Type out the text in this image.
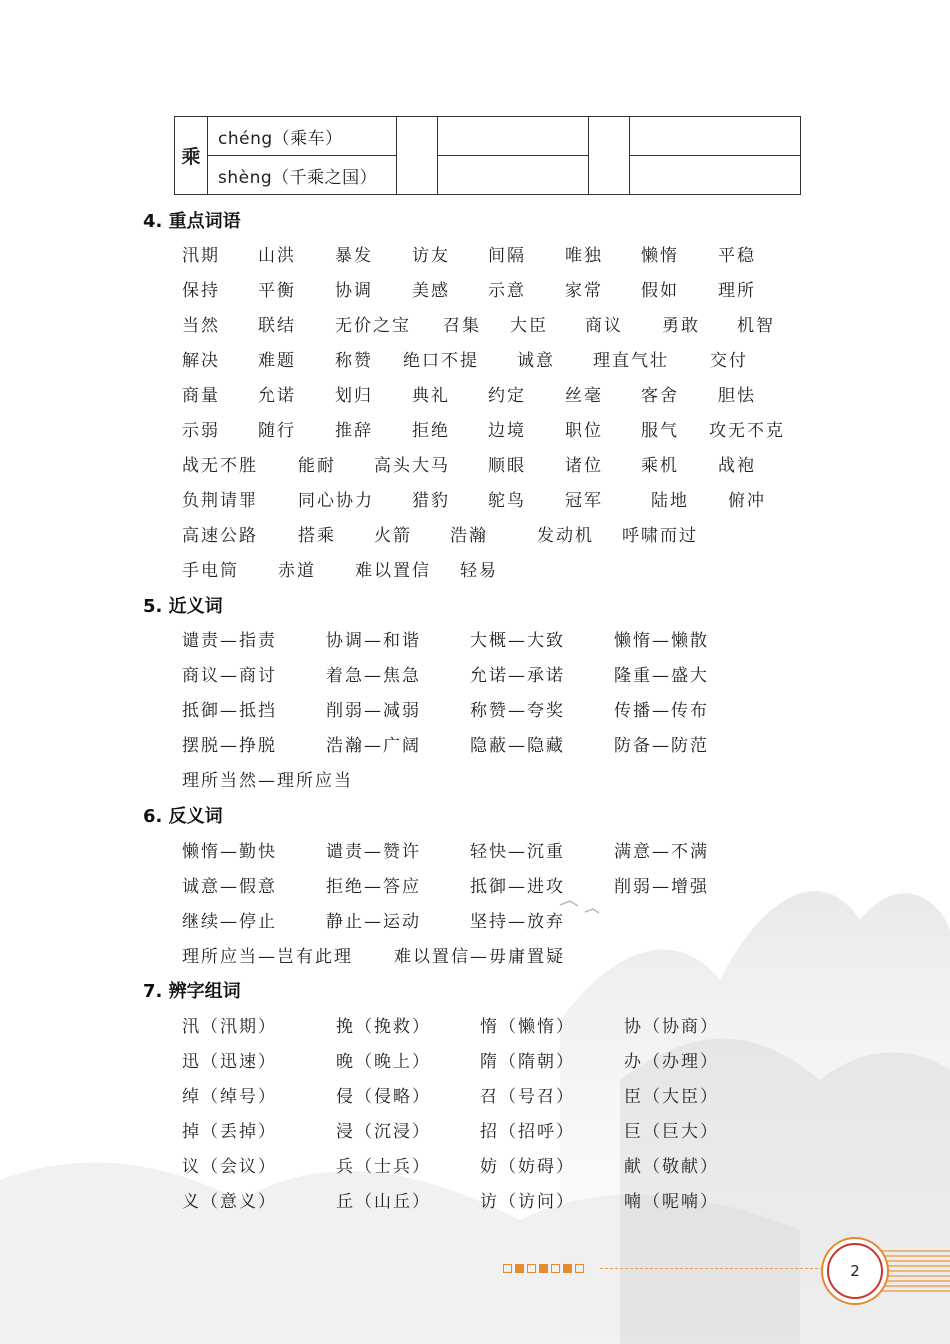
乘	chéng（乘车）				
	shèng（千乘之国）				
4. 重点词语
汛期 山洪 暴发 访友 间隔 唯独 懒惰 平稳
保持 平衡 协调 美感 示意 家常 假如 理所
当然 联结 无价之宝 召集 大臣 商议 勇敢 机智
解决 难题 称赞 绝口不提 诚意 理直气壮 交付
商量 允诺 划归 典礼 约定 丝毫 客舍 胆怯
示弱 随行 推辞 拒绝 边境 职位 服气 攻无不克
战无不胜 能耐 高头大马 顺眼 诸位 乘机 战袍
负荆请罪 同心协力 猎豹 鸵鸟 冠军	陆地 俯冲
高速公路 搭乘 火箭 浩瀚	发动机 呼啸而过
手电筒 赤道 难以置信 轻易
5. 近义词
谴责—指责	协调—和谐	大概—大致	懒惰—懒散
商议—商讨	着急—焦急	允诺—承诺	隆重—盛大
抵御—抵挡	削弱—减弱	称赞—夸奖	传播—传布
摆脱—挣脱	浩瀚—广阔	隐蔽—隐藏	防备—防范
理所当然—理所应当
6. 反义词
懒惰—勤快	谴责—赞许	轻快—沉重	满意—不满
诚意—假意	拒绝—答应	抵御—进攻	削弱—增强
继续—停止	静止—运动	坚持—放弃
理所应当—岂有此理 难以置信—毋庸置疑
7. 辨字组词
汛（汛期）	挽（挽救）	惰（懒惰）	协（协商）
迅（迅速）	晚（晚上）	隋（隋朝）	办（办理）
绰（绰号）	侵（侵略）	召（号召）	臣（大臣）
掉（丢掉）	浸（沉浸）	招（招呼）	巨（巨大）
议（会议）	兵（士兵）	妨（妨碍）	献（敬献）
义（意义）	丘（山丘）	访（访问）	喃（呢喃）
2
